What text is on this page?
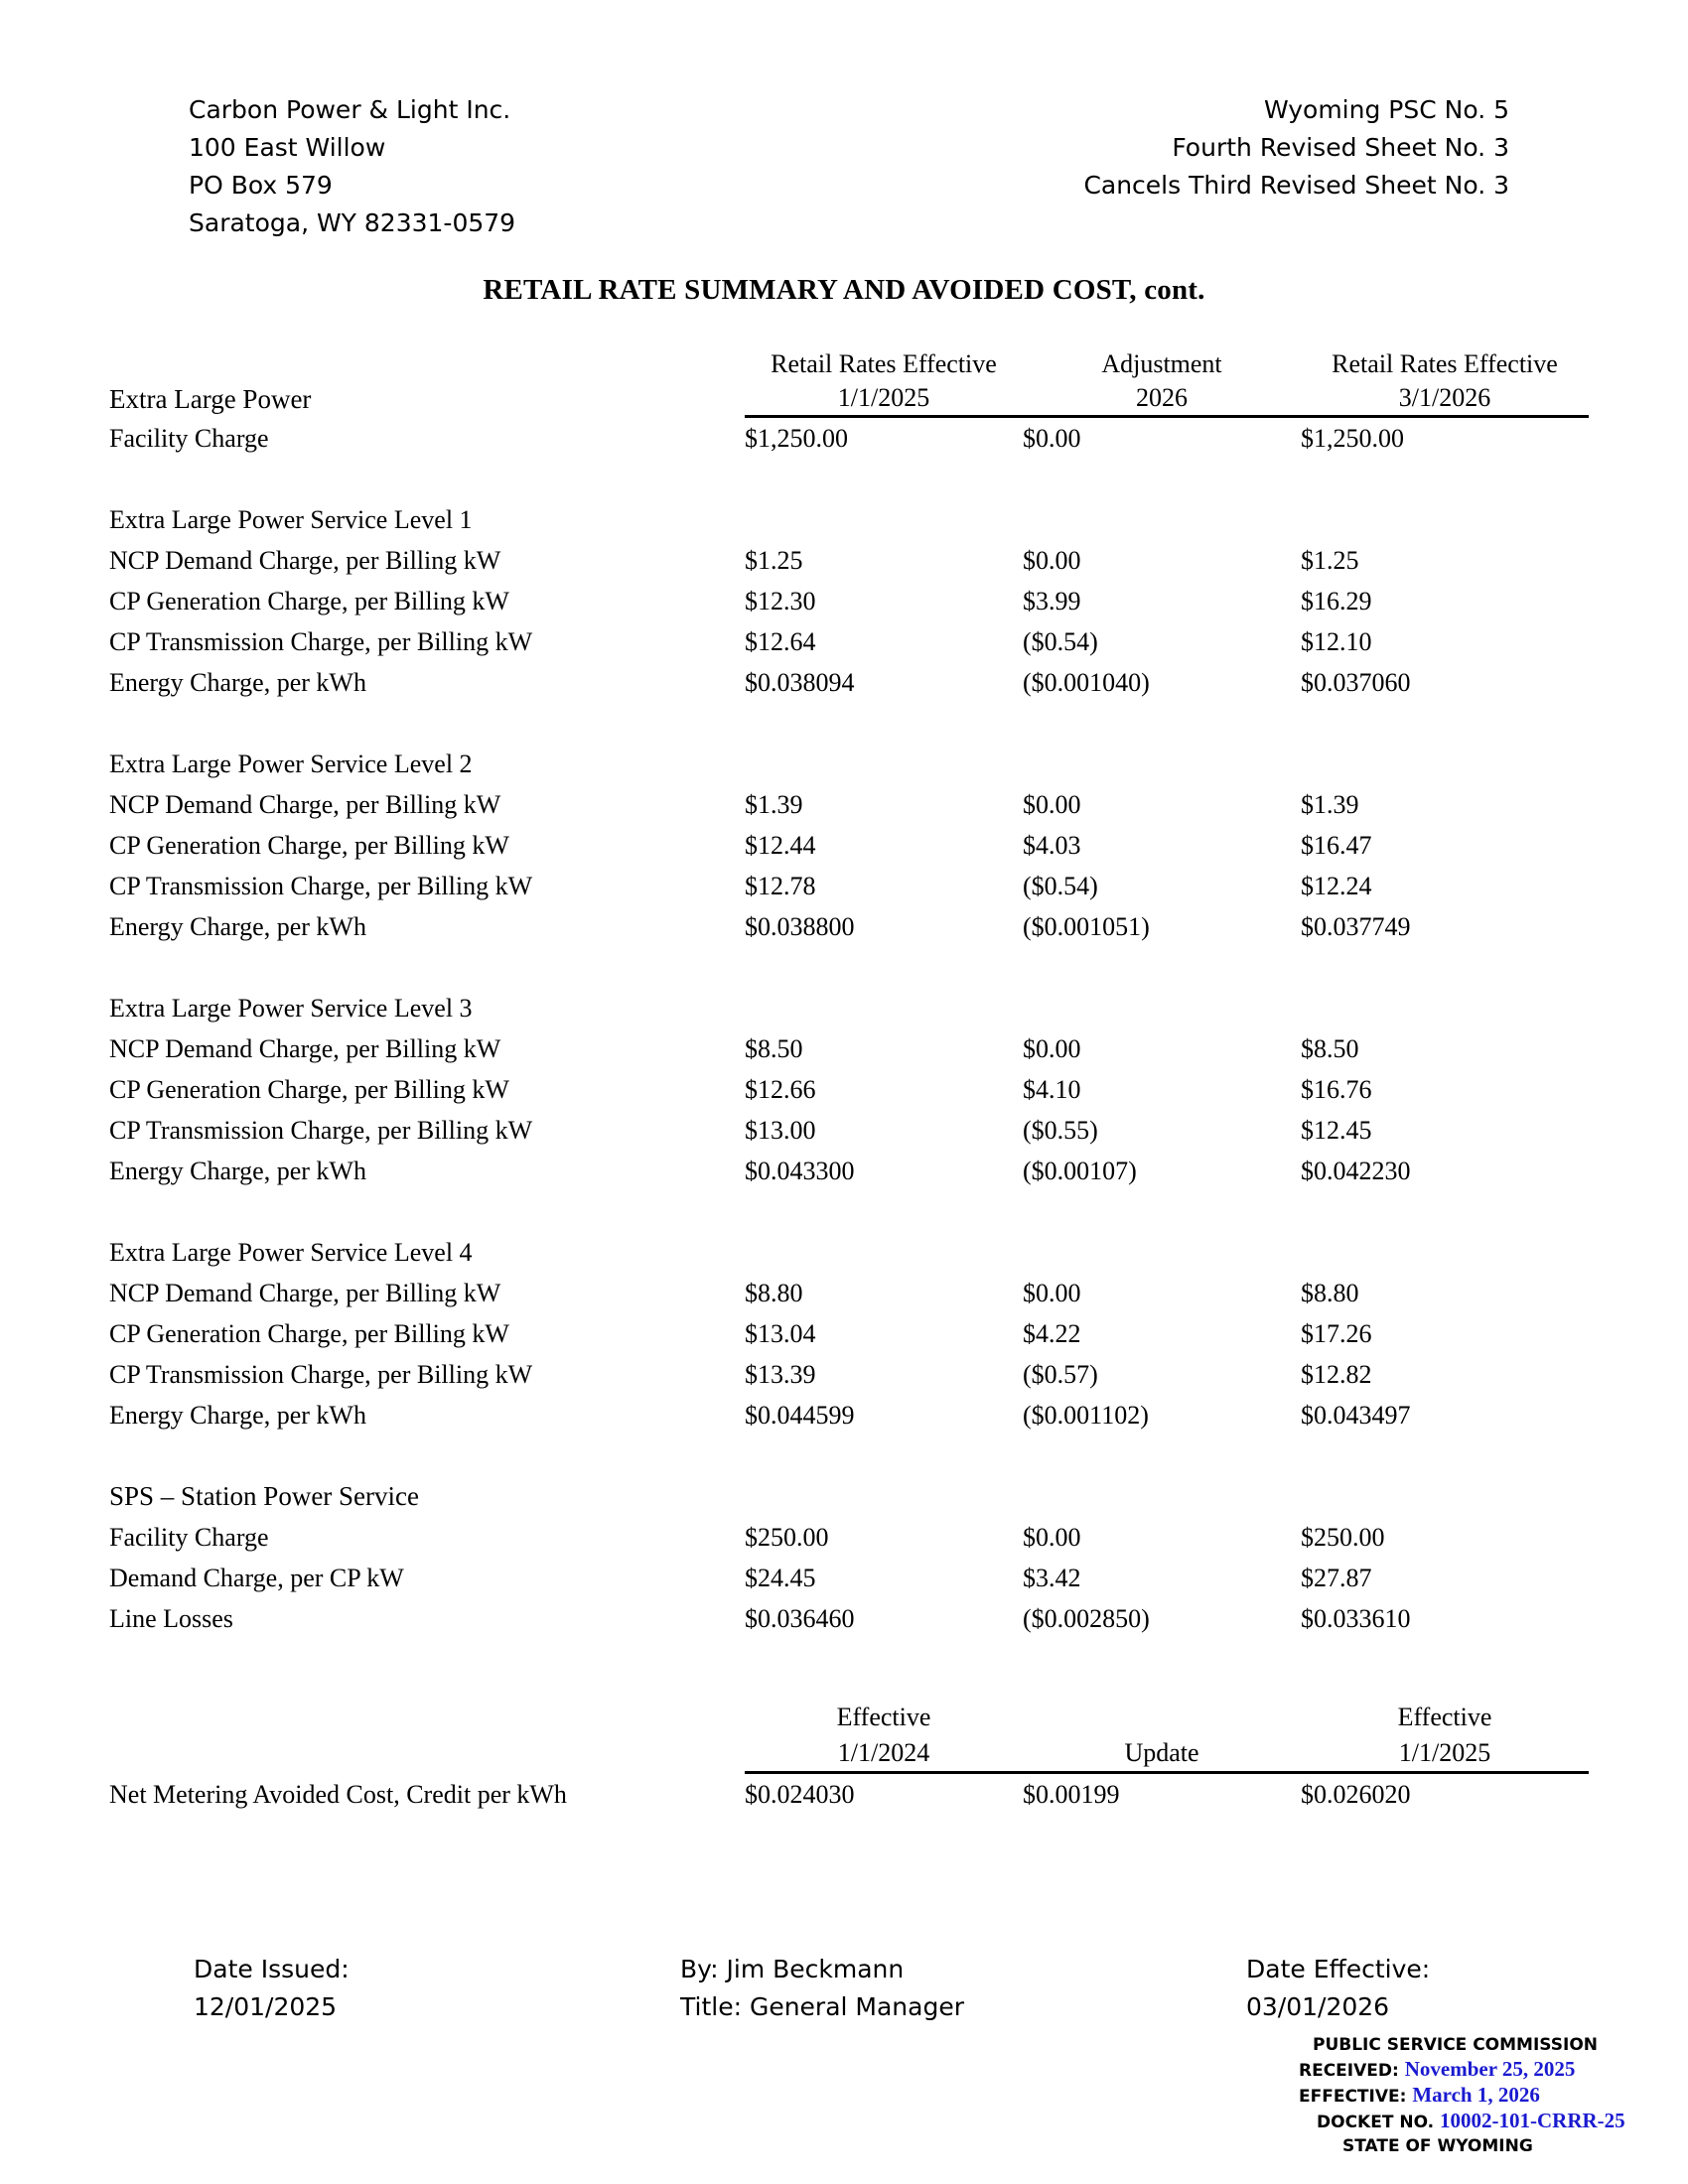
Carbon Power & Light Inc.
100 East Willow
PO Box 579
Saratoga, WY 82331-0579
Wyoming PSC No. 5
Fourth Revised Sheet No. 3
Cancels Third Revised Sheet No. 3
RETAIL RATE SUMMARY AND AVOIDED COST, cont.
	Retail Rates Effective	Adjustment	Retail Rates Effective
Extra Large Power	1/1/2025	2026	3/1/2026

Facility Charge	$1,250.00	$0.00	$1,250.00

Extra Large Power Service Level 1			
NCP Demand Charge, per Billing kW	$1.25	$0.00	$1.25
CP Generation Charge, per Billing kW	$12.30	$3.99	$16.29
CP Transmission Charge, per Billing kW	$12.64	($0.54)	$12.10
Energy Charge, per kWh	$0.038094	($0.001040)	$0.037060

Extra Large Power Service Level 2			
NCP Demand Charge, per Billing kW	$1.39	$0.00	$1.39
CP Generation Charge, per Billing kW	$12.44	$4.03	$16.47
CP Transmission Charge, per Billing kW	$12.78	($0.54)	$12.24
Energy Charge, per kWh	$0.038800	($0.001051)	$0.037749

Extra Large Power Service Level 3			
NCP Demand Charge, per Billing kW	$8.50	$0.00	$8.50
CP Generation Charge, per Billing kW	$12.66	$4.10	$16.76
CP Transmission Charge, per Billing kW	$13.00	($0.55)	$12.45
Energy Charge, per kWh	$0.043300	($0.00107)	$0.042230

Extra Large Power Service Level 4			
NCP Demand Charge, per Billing kW	$8.80	$0.00	$8.80
CP Generation Charge, per Billing kW	$13.04	$4.22	$17.26
CP Transmission Charge, per Billing kW	$13.39	($0.57)	$12.82
Energy Charge, per kWh	$0.044599	($0.001102)	$0.043497

SPS – Station Power Service			
Facility Charge	$250.00	$0.00	$250.00
Demand Charge, per CP kW	$24.45	$3.42	$27.87
Line Losses	$0.036460	($0.002850)	$0.033610

	Effective		Effective
	1/1/2024	Update	1/1/2025

Net Metering Avoided Cost, Credit per kWh	$0.024030	$0.00199	$0.026020
Date Issued:	By: Jim Beckmann	Date Effective:
12/01/2025	Title: General Manager	03/01/2026
PUBLIC SERVICE COMMISSION
RECEIVED: November 25, 2025
EFFECTIVE: March 1, 2026
DOCKET NO. 10002-101-CRRR-25
STATE OF WYOMING
